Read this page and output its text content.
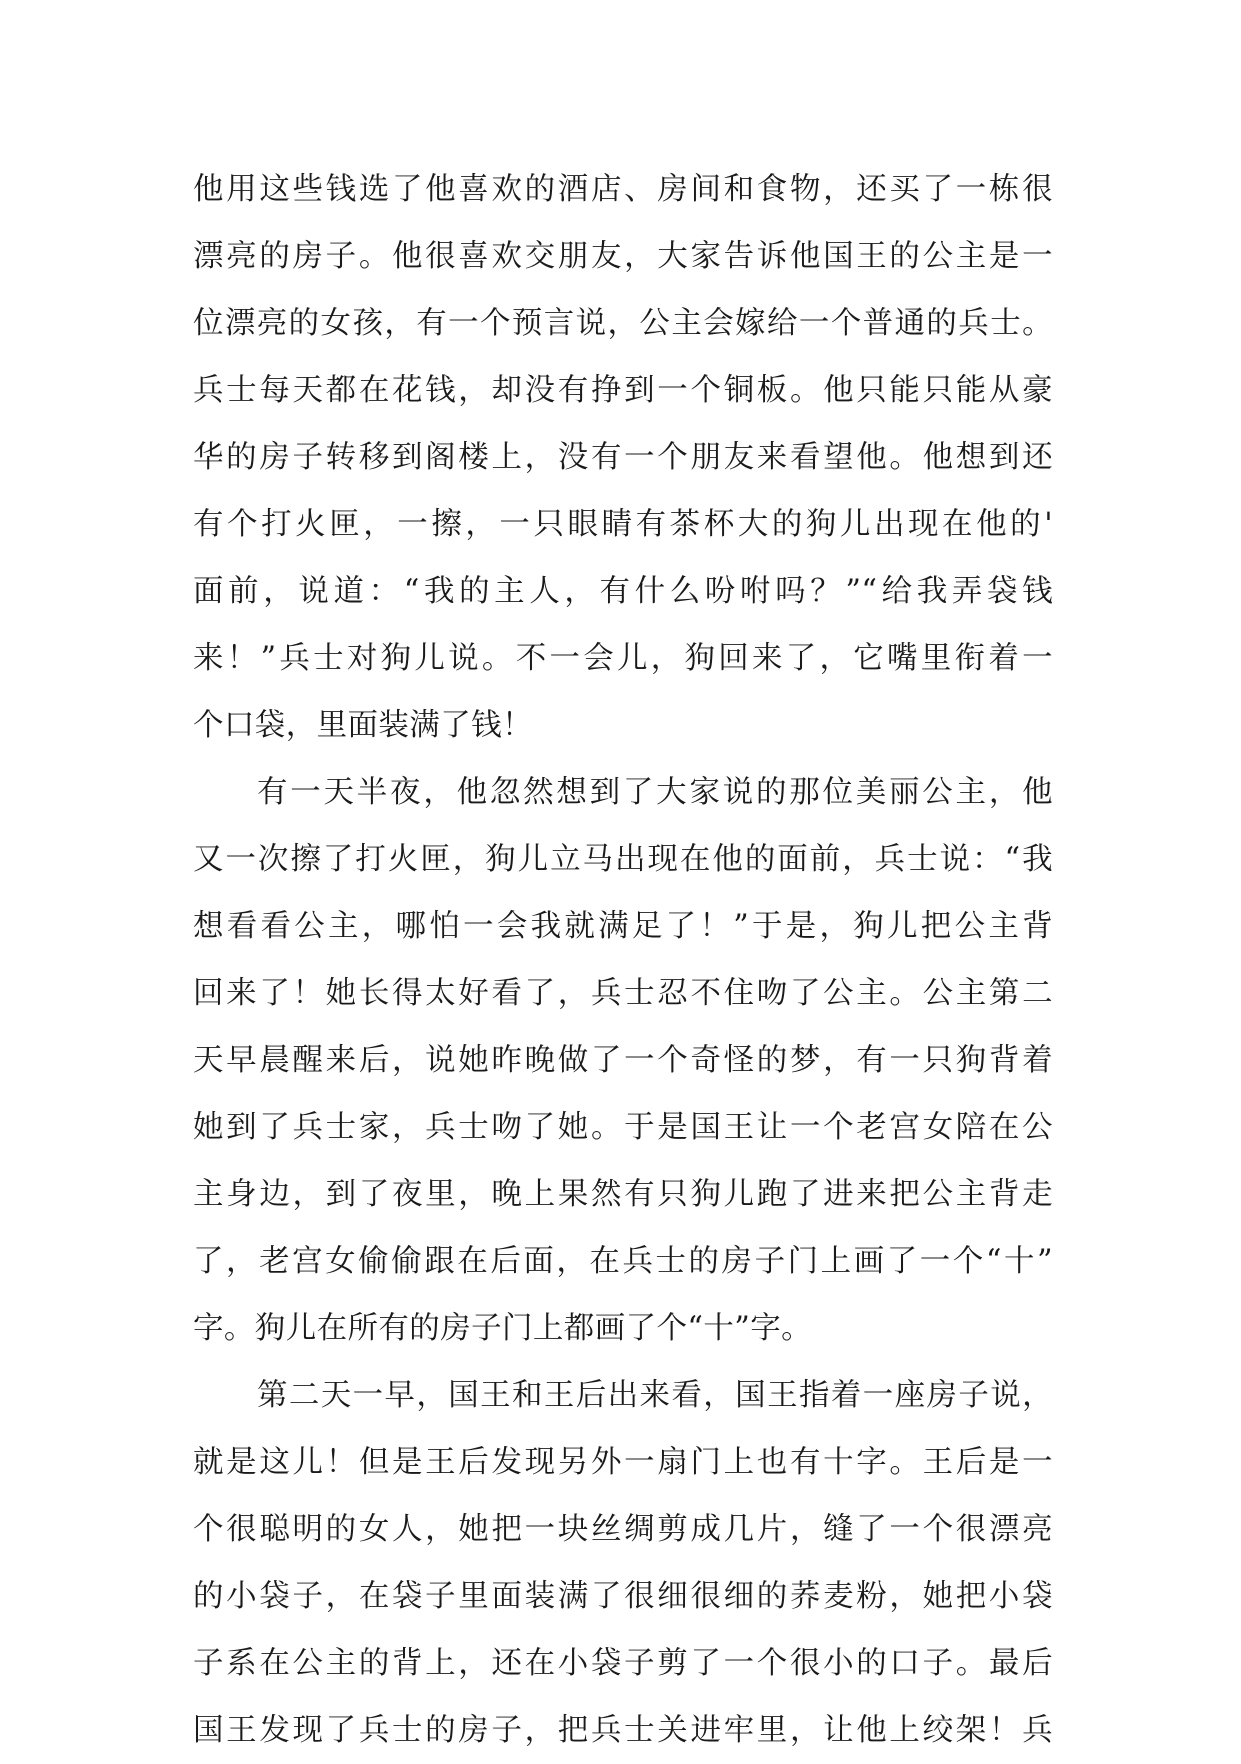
他用这些钱选了他喜欢的酒店、房间和食物，还买了一栋很
漂亮的房子。他很喜欢交朋友，大家告诉他国王的公主是一
位漂亮的女孩，有一个预言说，公主会嫁给一个普通的兵士。
兵士每天都在花钱，却没有挣到一个铜板。他只能只能从豪
华的房子转移到阁楼上，没有一个朋友来看望他。他想到还
有个打火匣，一擦，一只眼睛有茶杯大的狗儿出现在他的'
面前，说道：“我的主人，有什么吩咐吗？”“给我弄袋钱
来！”兵士对狗儿说。不一会儿，狗回来了，它嘴里衔着一
个口袋，里面装满了钱！
有一天半夜，他忽然想到了大家说的那位美丽公主，他
又一次擦了打火匣，狗儿立马出现在他的面前，兵士说：“我
想看看公主，哪怕一会我就满足了！”于是，狗儿把公主背
回来了！她长得太好看了，兵士忍不住吻了公主。公主第二
天早晨醒来后，说她昨晚做了一个奇怪的梦，有一只狗背着
她到了兵士家，兵士吻了她。于是国王让一个老宫女陪在公
主身边，到了夜里，晚上果然有只狗儿跑了进来把公主背走
了，老宫女偷偷跟在后面，在兵士的房子门上画了一个“十”
字。狗儿在所有的房子门上都画了个“十”字。
第二天一早，国王和王后出来看，国王指着一座房子说，
就是这儿！但是王后发现另外一扇门上也有十字。王后是一
个很聪明的女人，她把一块丝绸剪成几片，缝了一个很漂亮
的小袋子，在袋子里面装满了很细很细的荞麦粉，她把小袋
子系在公主的背上，还在小袋子剪了一个很小的口子。最后
国王发现了兵士的房子，把兵士关进牢里，让他上绞架！兵
